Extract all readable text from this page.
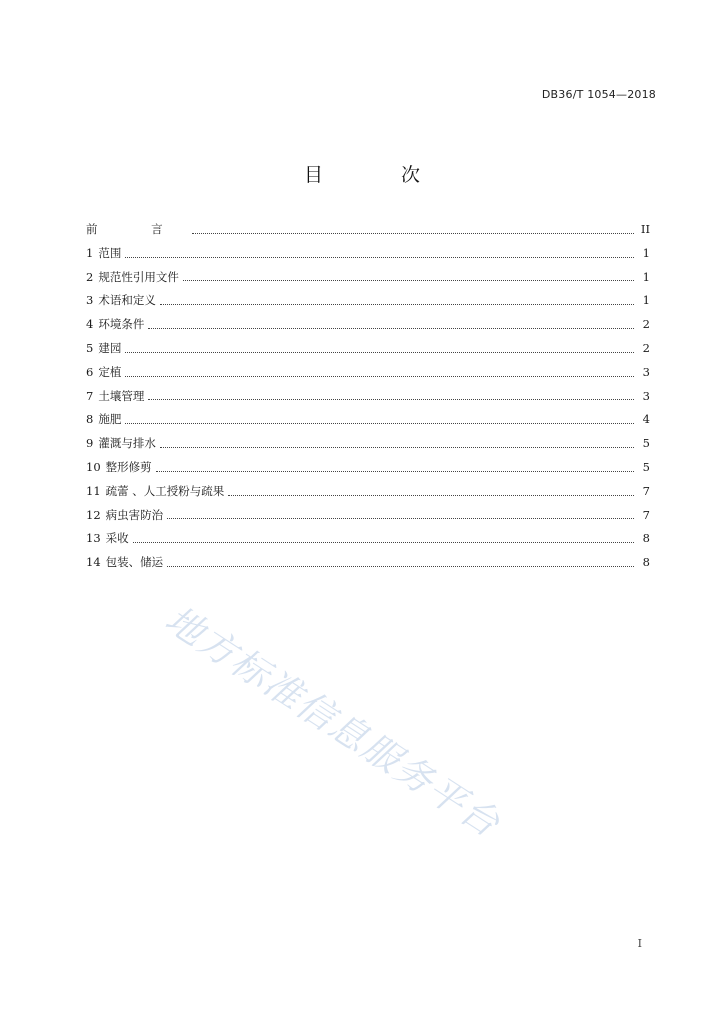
DB36/T 1054—2018
目 次
前 言	II
1 范围	1
2 规范性引用文件	1
3 术语和定义	1
4 环境条件	2
5 建园	2
6 定植	3
7 土壤管理	3
8 施肥	4
9 灌溉与排水	5
10 整形修剪	5
11 疏蕾 、人工授粉与疏果	7
12 病虫害防治	7
13 采收	8
14 包装、储运	8
地方标准信息服务平台
I
